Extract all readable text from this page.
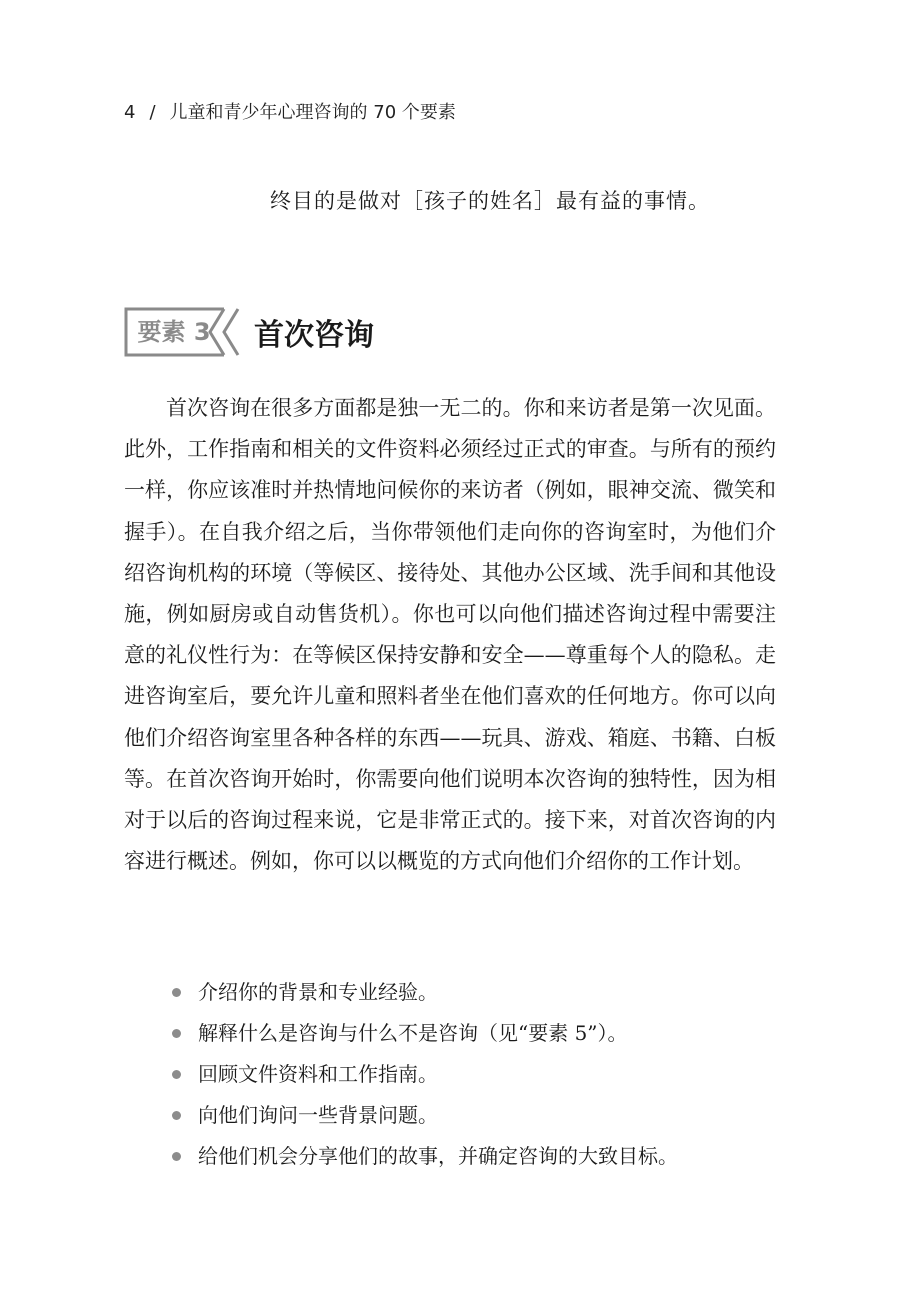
4 / 儿童和青少年心理咨询的 70 个要素
终目的是做对［孩子的姓名］最有益的事情。
要素 3	首次咨询

首次咨询在很多方面都是独一无二的。你和来访者是第一次见面。此外，工作指南和相关的文件资料必须经过正式的审查。与所有的预约一样，你应该准时并热情地问候你的来访者（例如，眼神交流、微笑和握手）。在自我介绍之后，当你带领他们走向你的咨询室时，为他们介绍咨询机构的环境（等候区、接待处、其他办公区域、洗手间和其他设施，例如厨房或自动售货机）。你也可以向他们描述咨询过程中需要注意的礼仪性行为：在等候区保持安静和安全——尊重每个人的隐私。走进咨询室后，要允许儿童和照料者坐在他们喜欢的任何地方。你可以向他们介绍咨询室里各种各样的东西——玩具、游戏、箱庭、书籍、白板等。在首次咨询开始时，你需要向他们说明本次咨询的独特性，因为相对于以后的咨询过程来说，它是非常正式的。接下来，对首次咨询的内容进行概述。例如，你可以以概览的方式向他们介绍你的工作计划。

介绍你的背景和专业经验。
解释什么是咨询与什么不是咨询（见“要素 5”）。
回顾文件资料和工作指南。
向他们询问一些背景问题。
给他们机会分享他们的故事，并确定咨询的大致目标。
